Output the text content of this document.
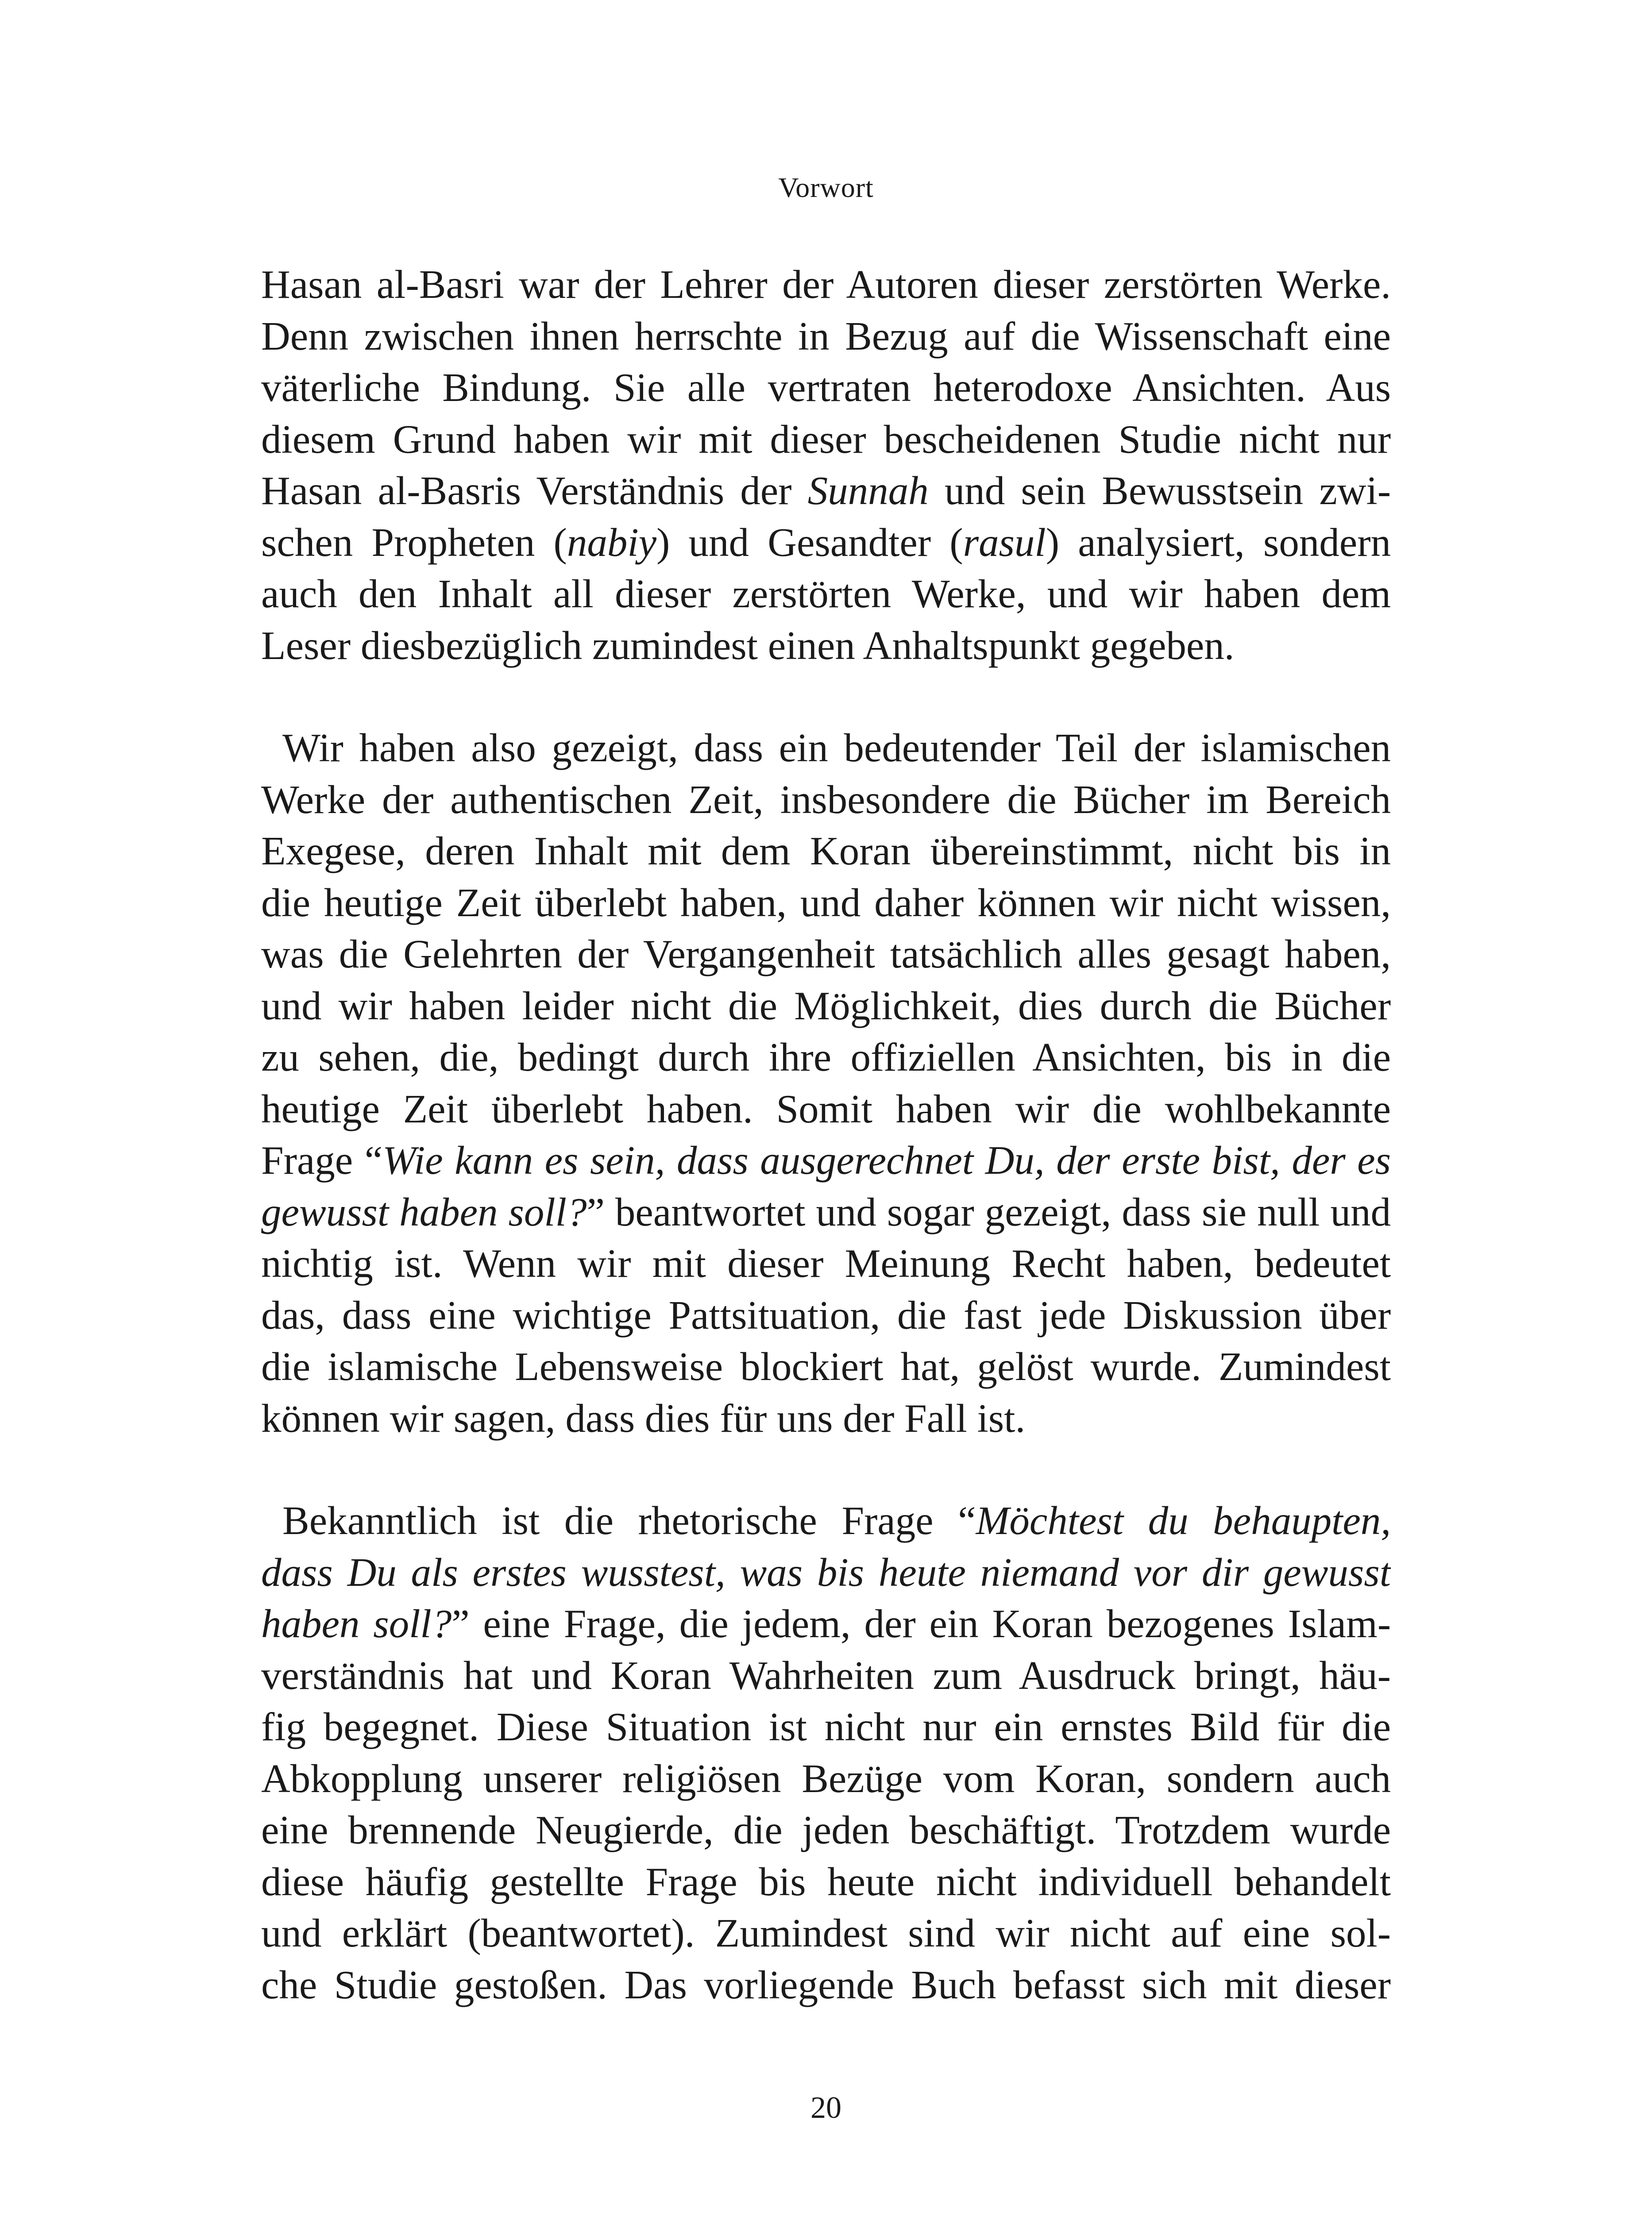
Vorwort
Hasan al-Basri war der Lehrer der Autoren dieser zerstörten Werke.
Denn zwischen ihnen herrschte in Bezug auf die Wissenschaft eine
väterliche Bindung. Sie alle vertraten heterodoxe Ansichten. Aus
diesem Grund haben wir mit dieser bescheidenen Studie nicht nur
Hasan al-Basris Verständnis der Sunnah und sein Bewusstsein zwi-
schen Propheten (nabiy) und Gesandter (rasul) analysiert, sondern
auch den Inhalt all dieser zerstörten Werke, und wir haben dem
Leser diesbezüglich zumindest einen Anhaltspunkt gegeben.
Wir haben also gezeigt, dass ein bedeutender Teil der islamischen
Werke der authentischen Zeit, insbesondere die Bücher im Bereich
Exegese, deren Inhalt mit dem Koran übereinstimmt, nicht bis in
die heutige Zeit überlebt haben, und daher können wir nicht wissen,
was die Gelehrten der Vergangenheit tatsächlich alles gesagt haben,
und wir haben leider nicht die Möglichkeit, dies durch die Bücher
zu sehen, die, bedingt durch ihre offiziellen Ansichten, bis in die
heutige Zeit überlebt haben. Somit haben wir die wohlbekannte
Frage “Wie kann es sein, dass ausgerechnet Du, der erste bist, der es
gewusst haben soll?” beantwortet und sogar gezeigt, dass sie null und
nichtig ist. Wenn wir mit dieser Meinung Recht haben, bedeutet
das, dass eine wichtige Pattsituation, die fast jede Diskussion über
die islamische Lebensweise blockiert hat, gelöst wurde. Zumindest
können wir sagen, dass dies für uns der Fall ist.
Bekanntlich ist die rhetorische Frage “Möchtest du behaupten,
dass Du als erstes wusstest, was bis heute niemand vor dir gewusst
haben soll?” eine Frage, die jedem, der ein Koran bezogenes Islam-
verständnis hat und Koran Wahrheiten zum Ausdruck bringt, häu-
fig begegnet. Diese Situation ist nicht nur ein ernstes Bild für die
Abkopplung unserer religiösen Bezüge vom Koran, sondern auch
eine brennende Neugierde, die jeden beschäftigt. Trotzdem wurde
diese häufig gestellte Frage bis heute nicht individuell behandelt
und erklärt (beantwortet). Zumindest sind wir nicht auf eine sol-
che Studie gestoßen. Das vorliegende Buch befasst sich mit dieser
20
